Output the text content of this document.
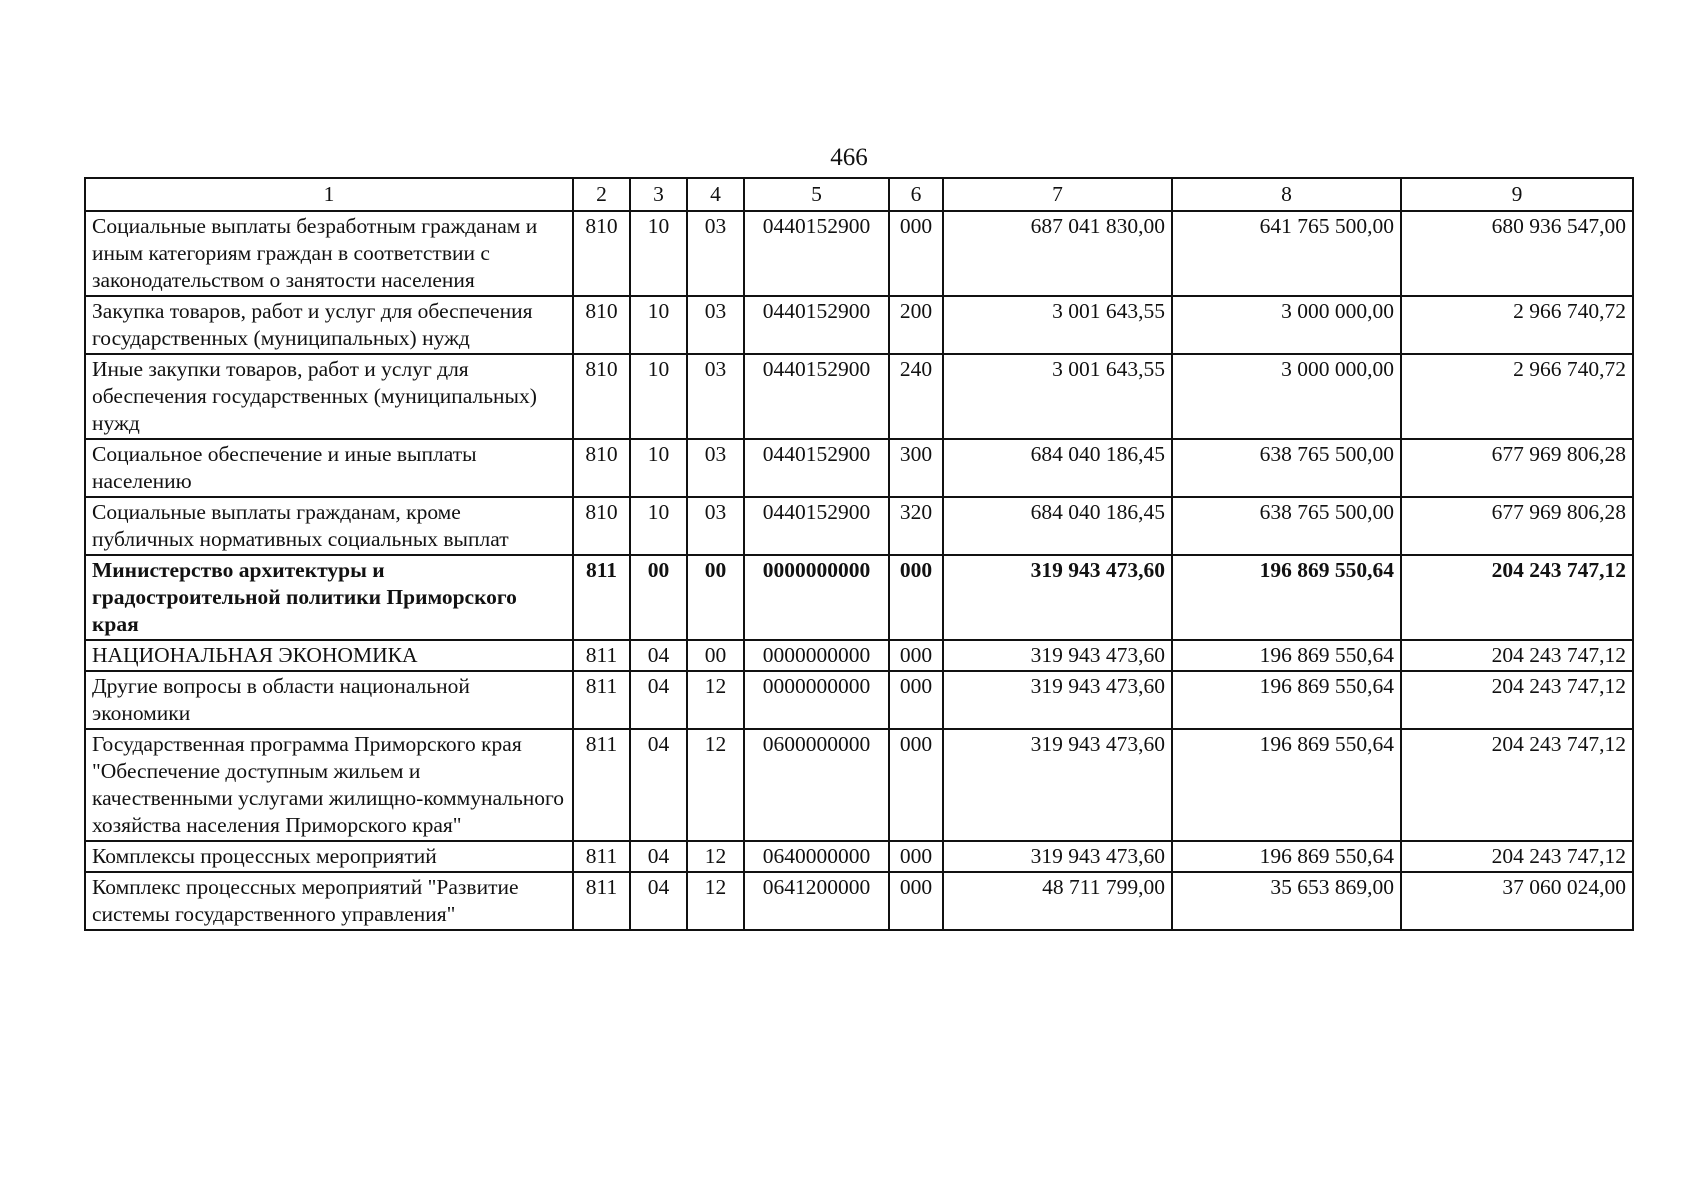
466
1	2	3	4	5	6	7	8	9
Социальные выплаты безработным гражданам и иным категориям граждан в соответствии с законодательством о занятости населения	810	10	03	0440152900	000	687 041 830,00	641 765 500,00	680 936 547,00
Закупка товаров, работ и услуг для обеспечения государственных (муниципальных) нужд	810	10	03	0440152900	200	3 001 643,55	3 000 000,00	2 966 740,72
Иные закупки товаров, работ и услуг для обеспечения государственных (муниципальных) нужд	810	10	03	0440152900	240	3 001 643,55	3 000 000,00	2 966 740,72
Социальное обеспечение и иные выплаты населению	810	10	03	0440152900	300	684 040 186,45	638 765 500,00	677 969 806,28
Социальные выплаты гражданам, кроме публичных нормативных социальных выплат	810	10	03	0440152900	320	684 040 186,45	638 765 500,00	677 969 806,28
Министерство архитектуры и градостроительной политики Приморского края	811	00	00	0000000000	000	319 943 473,60	196 869 550,64	204 243 747,12
НАЦИОНАЛЬНАЯ ЭКОНОМИКА	811	04	00	0000000000	000	319 943 473,60	196 869 550,64	204 243 747,12
Другие вопросы в области национальной экономики	811	04	12	0000000000	000	319 943 473,60	196 869 550,64	204 243 747,12
Государственная программа Приморского края "Обеспечение доступным жильем и качественными услугами жилищно-коммунального хозяйства населения Приморского края"	811	04	12	0600000000	000	319 943 473,60	196 869 550,64	204 243 747,12
Комплексы процессных мероприятий	811	04	12	0640000000	000	319 943 473,60	196 869 550,64	204 243 747,12
Комплекс процессных мероприятий "Развитие системы государственного управления"	811	04	12	0641200000	000	48 711 799,00	35 653 869,00	37 060 024,00
